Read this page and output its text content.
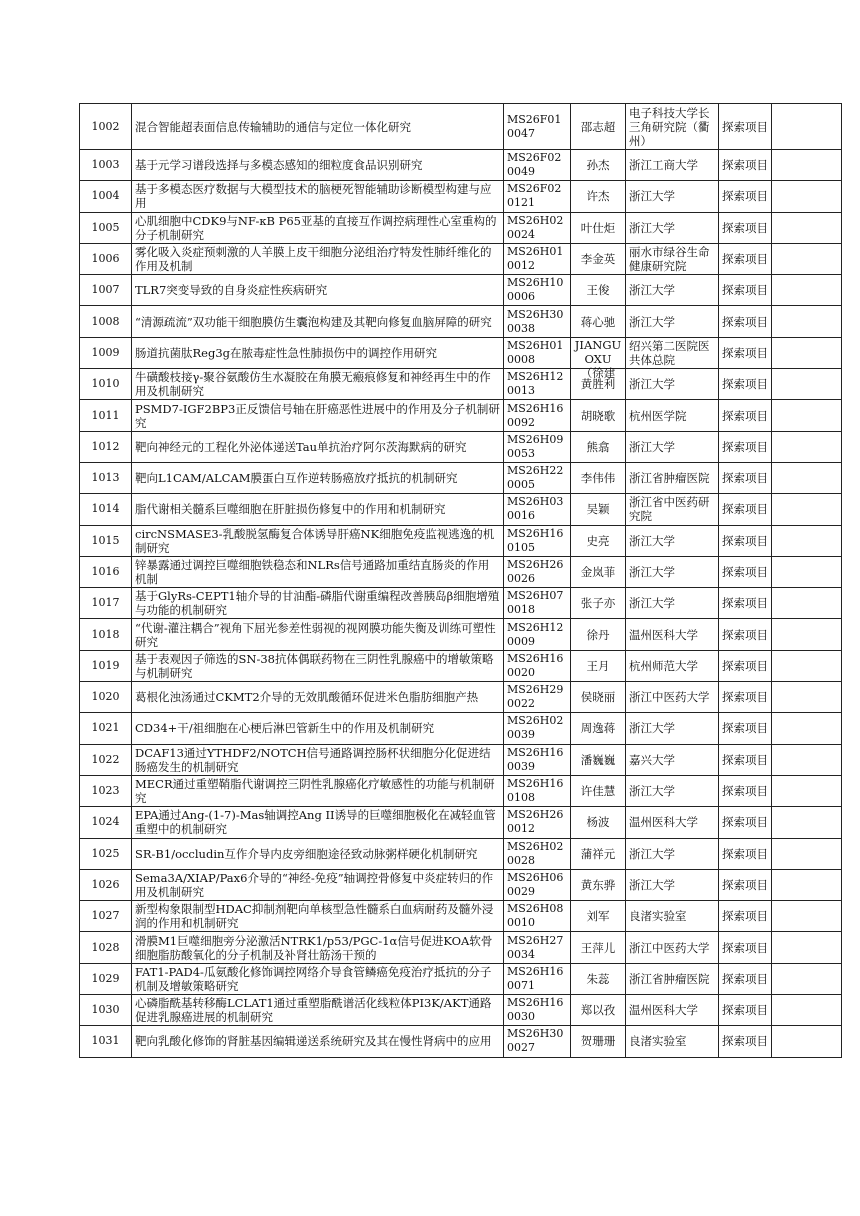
1002	混合智能超表面信息传输辅助的通信与定位一体化研究	MS26F010047	邵志超	电子科技大学长三角研究院（衢州）	探索项目	

1003	基于元学习谱段选择与多模态感知的细粒度食品识别研究	MS26F020049	孙杰	浙江工商大学	探索项目	

1004	基于多模态医疗数据与大模型技术的脑梗死智能辅助诊断模型构建与应用	MS26F020121	许杰	浙江大学	探索项目	

1005	心肌细胞中CDK9与NF-κB P65亚基的直接互作调控病理性心室重构的分子机制研究	MS26H020024	叶仕炬	浙江大学	探索项目	

1006	雾化吸入炎症预刺激的人羊膜上皮干细胞分泌组治疗特发性肺纤维化的作用及机制	MS26H010012	李金英	丽水市绿谷生命健康研究院	探索项目	

1007	TLR7突变导致的自身炎症性疾病研究	MS26H100006	王俊	浙江大学	探索项目	

1008	“清源疏流”双功能干细胞膜仿生囊泡构建及其靶向修复血脑屏障的研究	MS26H300038	蒋心驰	浙江大学	探索项目	

1009	肠道抗菌肽Reg3g在脓毒症性急性肺损伤中的调控作用研究	MS26H010008	JIANGUOXU（徐建	绍兴第二医院医共体总院	探索项目	

1010	牛磺酸枝接γ-聚谷氨酸仿生水凝胶在角膜无瘢痕修复和神经再生中的作用及机制研究	MS26H120013	黄胜利	浙江大学	探索项目	

1011	PSMD7-IGF2BP3正反馈信号轴在肝癌恶性进展中的作用及分子机制研究	MS26H160092	胡晓歌	杭州医学院	探索项目	

1012	靶向神经元的工程化外泌体递送Tau单抗治疗阿尔茨海默病的研究	MS26H090053	熊翕	浙江大学	探索项目	

1013	靶向L1CAM/ALCAM膜蛋白互作逆转肠癌放疗抵抗的机制研究	MS26H220005	李伟伟	浙江省肿瘤医院	探索项目	

1014	脂代谢相关髓系巨噬细胞在肝脏损伤修复中的作用和机制研究	MS26H030016	吴颖	浙江省中医药研究院	探索项目	

1015	circNSMASE3-乳酸脱氢酶复合体诱导肝癌NK细胞免疫监视逃逸的机制研究	MS26H160105	史亮	浙江大学	探索项目	

1016	锌暴露通过调控巨噬细胞铁稳态和NLRs信号通路加重结直肠炎的作用机制	MS26H260026	金岚菲	浙江大学	探索项目	

1017	基于GlyRs-CEPT1轴介导的甘油酯-磷脂代谢重编程改善胰岛β细胞增殖与功能的机制研究	MS26H070018	张子亦	浙江大学	探索项目	

1018	“代谢-灌注耦合”视角下屈光参差性弱视的视网膜功能失衡及训练可塑性研究	MS26H120009	徐丹	温州医科大学	探索项目	

1019	基于表观因子筛选的SN-38抗体偶联药物在三阴性乳腺癌中的增敏策略与机制研究	MS26H160020	王月	杭州师范大学	探索项目	

1020	葛根化浊汤通过CKMT2介导的无效肌酸循环促进米色脂肪细胞产热	MS26H290022	侯晓丽	浙江中医药大学	探索项目	

1021	CD34+干/祖细胞在心梗后淋巴管新生中的作用及机制研究	MS26H020039	周逸蒋	浙江大学	探索项目	

1022	DCAF13通过YTHDF2/NOTCH信号通路调控肠杯状细胞分化促进结肠癌发生的机制研究	MS26H160039	潘巍巍	嘉兴大学	探索项目	

1023	MECR通过重塑鞘脂代谢调控三阴性乳腺癌化疗敏感性的功能与机制研究	MS26H160108	许佳慧	浙江大学	探索项目	

1024	EPA通过Ang-(1-7)-Mas轴调控Ang II诱导的巨噬细胞极化在减轻血管重塑中的机制研究	MS26H260012	杨波	温州医科大学	探索项目	

1025	SR-B1/occludin互作介导内皮旁细胞途径致动脉粥样硬化机制研究	MS26H020028	蒲祥元	浙江大学	探索项目	

1026	Sema3A/XIAP/Pax6介导的“神经-免疫”轴调控骨修复中炎症转归的作用及机制研究	MS26H060029	黄东骅	浙江大学	探索项目	

1027	新型构象限制型HDAC抑制剂靶向单核型急性髓系白血病耐药及髓外浸润的作用和机制研究	MS26H080010	刘军	良渚实验室	探索项目	

1028	滑膜M1巨噬细胞旁分泌激活NTRK1/p53/PGC-1α信号促进KOA软骨细胞脂肪酸氧化的分子机制及补肾壮筋汤干预的	MS26H270034	王萍儿	浙江中医药大学	探索项目	

1029	FAT1-PAD4-瓜氨酸化修饰调控网络介导食管鳞癌免疫治疗抵抗的分子机制及增敏策略研究	MS26H160071	朱蕊	浙江省肿瘤医院	探索项目	

1030	心磷脂酰基转移酶LCLAT1通过重塑脂酰谱活化线粒体PI3K/AKT通路促进乳腺癌进展的机制研究	MS26H160030	郑以孜	温州医科大学	探索项目	

1031	靶向乳酸化修饰的肾脏基因编辑递送系统研究及其在慢性肾病中的应用	MS26H300027	贺珊珊	良渚实验室	探索项目	
